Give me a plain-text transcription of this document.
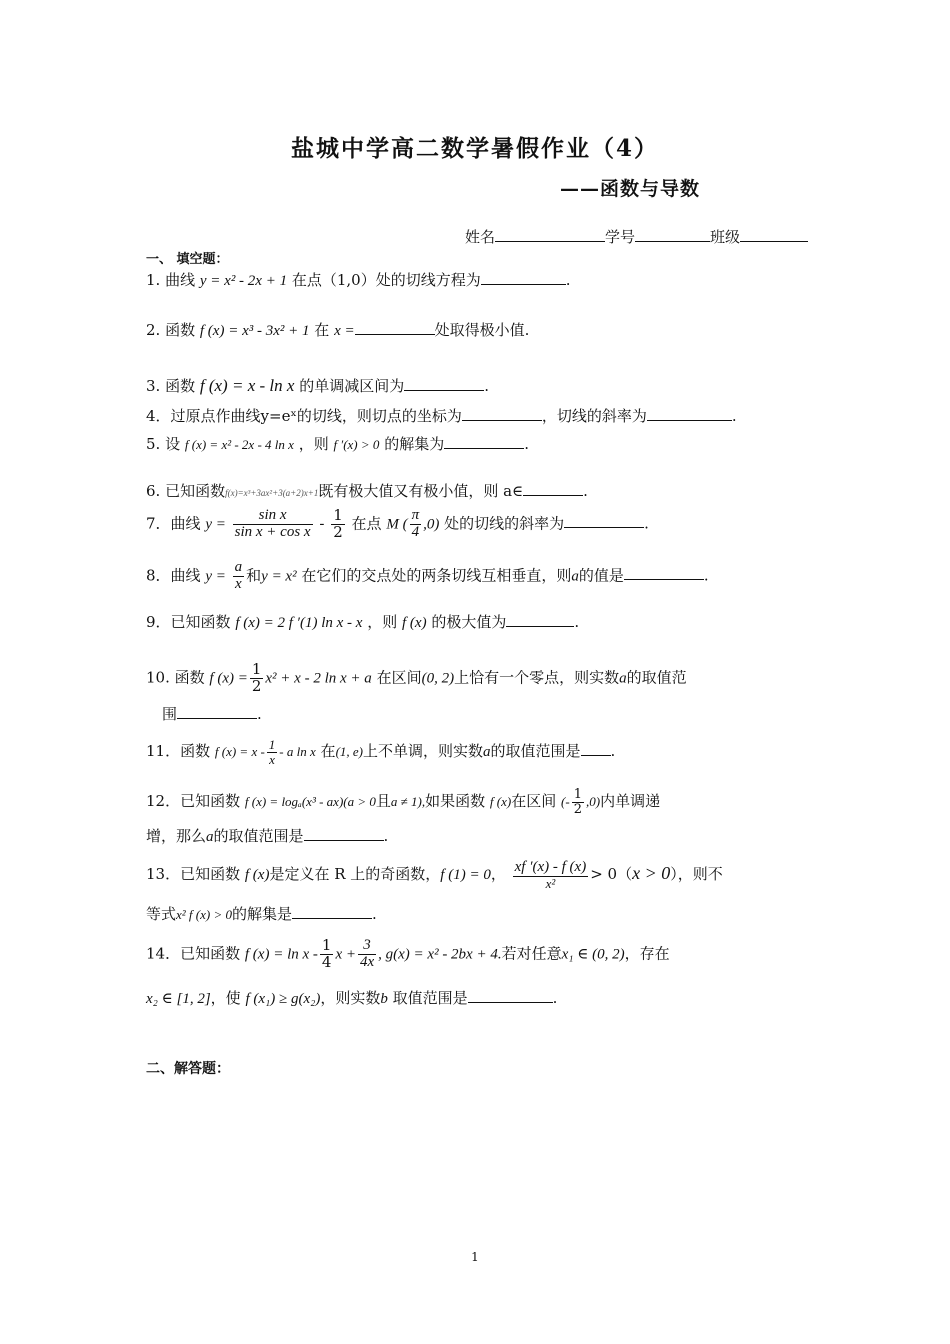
盐城中学高二数学暑假作业（4）
——函数与导数
姓名	学号	班级
一、 填空题：
1. 曲线 y = x² - 2x + 1 在点（1,0）处的切线方程为	.
2. 函数 f (x) = x³ - 3x² + 1 在 x =	处取得极小值.
3. 函数 f (x) = x - ln x 的单调减区间为	.
4．过原点作曲线y=eˣ的切线，则切点的坐标为	，切线的斜率为	.
5. 设 f (x) = x² - 2x - 4 ln x ，则 f ′(x) > 0 的解集为	.
6. 已知函数f(x)=x³+3ax²+3(a+2)x+1既有极大值又有极小值，则 a∈	.
7．曲线 $y = \frac{\text{sin x}}{\text{sin x + cos x}} - \frac{1}{2}$ 在点 M ( $\frac{\pi}{4} ,0$) 处的切线的斜率为	.
8．曲线 $y = \frac{a}{x}$ 和y = x² 在它们的交点处的两条切线互相垂直，则a的值是	.
9．已知函数 f (x) = 2 f ′(1) ln x - x ，则 f (x) 的极大值为	.
10. 函数 f $(x) = \frac{1}{2} x^2 + x - 2$ ln x + a 在区间(0, 2)上恰有一个零点，则实数a的取值范
围	.
11．函数 f $(x) = x - \frac{1}{x} - a$ ln x 在(1, e)上不单调，则实数a的取值范围是 .
12．已知函数 f (x) = logₐ(x³ - ax)(a > 0且a ≠ 1),如果函数 f (x)在区间 (- $\frac{1}{2} ,0$)内单调递
增，那么a的取值范围是	.
13．已知函数 f (x)是定义在 R 上的奇函数，f (1) = 0， $\frac{xf '(x) - f (x)}{\text{x²}} > 0(x > 0)$，则不
等式x² f (x) > 0的解集是	.
14．已知函数 f $(x) = \ln x - \frac{1}{4}$ $x + \frac{3}{4x}$ , g(x) = x² - 2bx + 4.若对任意x₁ ∈ (0, 2)，存在
x₂ ∈ [1, 2]，使 f (x₁) ≥ g(x₂)，则实数b 取值范围是	.
二、解答题：
1
